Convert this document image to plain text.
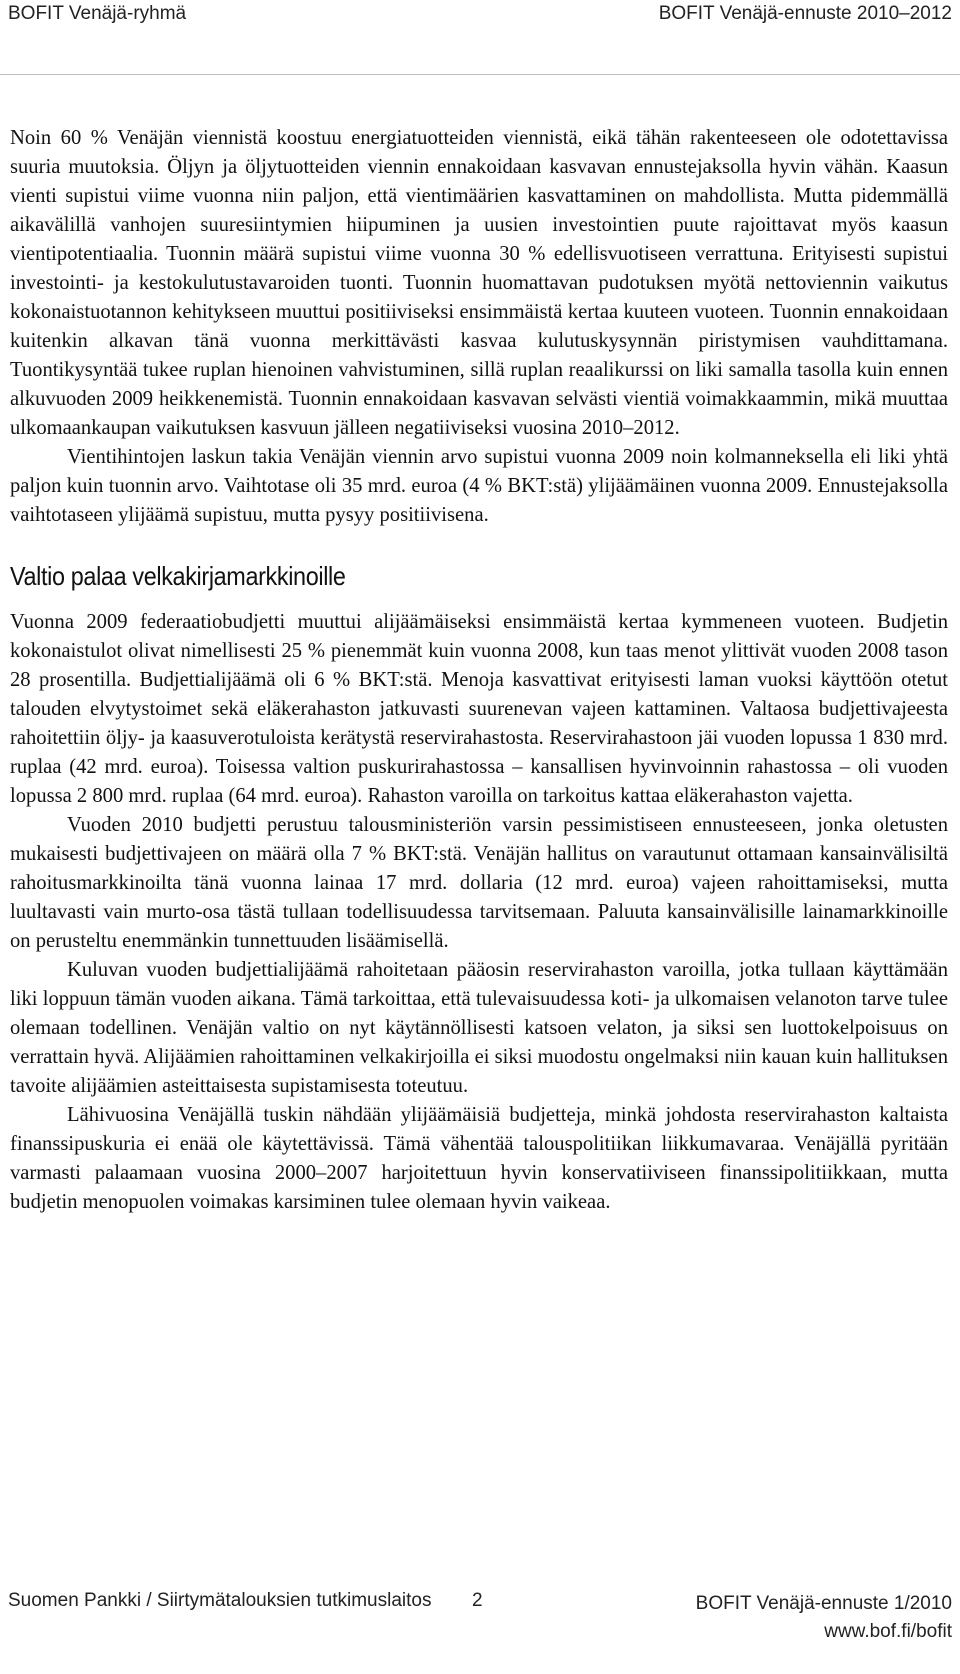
BOFIT Venäjä-ryhmä	BOFIT Venäjä-ennuste 2010–2012

Noin 60 % Venäjän viennistä koostuu energiatuotteiden viennistä, eikä tähän rakenteeseen ole odotettavissa suuria muutoksia. Öljyn ja öljytuotteiden viennin ennakoidaan kasvavan ennustejaksolla hyvin vähän. Kaasun vienti supistui viime vuonna niin paljon, että vientimäärien kasvattaminen on mahdollista. Mutta pidemmällä aikavälillä vanhojen suuresiintymien hiipuminen ja uusien investointien puute rajoittavat myös kaasun vientipotentiaalia. Tuonnin määrä supistui viime vuonna 30 % edellisvuotiseen verrattuna. Erityisesti supistui investointi- ja kestokulutustavaroiden tuonti. Tuonnin huomattavan pudotuksen myötä nettoviennin vaikutus kokonaistuotannon kehitykseen muuttui positiiviseksi ensimmäistä kertaa kuuteen vuoteen. Tuonnin ennakoidaan kuitenkin alkavan tänä vuonna merkittävästi kasvaa kulutuskysynnän piristymisen vauhdittamana. Tuontikysyntää tukee ruplan hienoinen vahvistuminen, sillä ruplan reaalikurssi on liki samalla tasolla kuin ennen alkuvuoden 2009 heikkenemistä. Tuonnin ennakoidaan kasvavan selvästi vientiä voimakkaammin, mikä muuttaa ulkomaankaupan vaikutuksen kasvuun jälleen negatiiviseksi vuosina 2010–2012.

Vientihintojen laskun takia Venäjän viennin arvo supistui vuonna 2009 noin kolmanneksella eli liki yhtä paljon kuin tuonnin arvo. Vaihtotase oli 35 mrd. euroa (4 % BKT:stä) ylijäämäinen vuonna 2009. Ennustejaksolla vaihtotaseen ylijäämä supistuu, mutta pysyy positiivisena.

Valtio palaa velkakirjamarkkinoille

Vuonna 2009 federaatiobudjetti muuttui alijäämäiseksi ensimmäistä kertaa kymmeneen vuoteen. Budjetin kokonaistulot olivat nimellisesti 25 % pienemmät kuin vuonna 2008, kun taas menot ylittivät vuoden 2008 tason 28 prosentilla. Budjettialijäämä oli 6 % BKT:stä. Menoja kasvattivat erityisesti laman vuoksi käyttöön otetut talouden elvytystoimet sekä eläkerahaston jatkuvasti suurenevan vajeen kattaminen. Valtaosa budjettivajeesta rahoitettiin öljy- ja kaasuverotuloista kerätystä reservirahastosta. Reservirahastoon jäi vuoden lopussa 1 830 mrd. ruplaa (42 mrd. euroa). Toisessa valtion puskurirahastossa – kansallisen hyvinvoinnin rahastossa – oli vuoden lopussa 2 800 mrd. ruplaa (64 mrd. euroa). Rahaston varoilla on tarkoitus kattaa eläkerahaston vajetta.

Vuoden 2010 budjetti perustuu talousministeriön varsin pessimistiseen ennusteeseen, jonka oletusten mukaisesti budjettivajeen on määrä olla 7 % BKT:stä. Venäjän hallitus on varautunut ottamaan kansainvälisiltä rahoitusmarkkinoilta tänä vuonna lainaa 17 mrd. dollaria (12 mrd. euroa) vajeen rahoittamiseksi, mutta luultavasti vain murto-osa tästä tullaan todellisuudessa tarvitsemaan. Paluuta kansainvälisille lainamarkkinoille on perusteltu enemmänkin tunnettuuden lisäämisellä.

Kuluvan vuoden budjettialijäämä rahoitetaan pääosin reservirahaston varoilla, jotka tullaan käyttämään liki loppuun tämän vuoden aikana. Tämä tarkoittaa, että tulevaisuudessa koti- ja ulkomaisen velanoton tarve tulee olemaan todellinen. Venäjän valtio on nyt käytännöllisesti katsoen velaton, ja siksi sen luottokelpoisuus on verrattain hyvä. Alijäämien rahoittaminen velkakirjoilla ei siksi muodostu ongelmaksi niin kauan kuin hallituksen tavoite alijäämien asteittaisesta supistamisesta toteutuu.

Lähivuosina Venäjällä tuskin nähdään ylijäämäisiä budjetteja, minkä johdosta reservirahaston kaltaista finanssipuskuria ei enää ole käytettävissä. Tämä vähentää talouspolitiikan liikkumavaraa. Venäjällä pyritään varmasti palaamaan vuosina 2000–2007 harjoitettuun hyvin konservatiiviseen finanssipolitiikkaan, mutta budjetin menopuolen voimakas karsiminen tulee olemaan hyvin vaikeaa.

Suomen Pankki / Siirtymätalouksien tutkimuslaitos 2	BOFIT Venäjä-ennuste 1/2010
www.bof.fi/bofit
